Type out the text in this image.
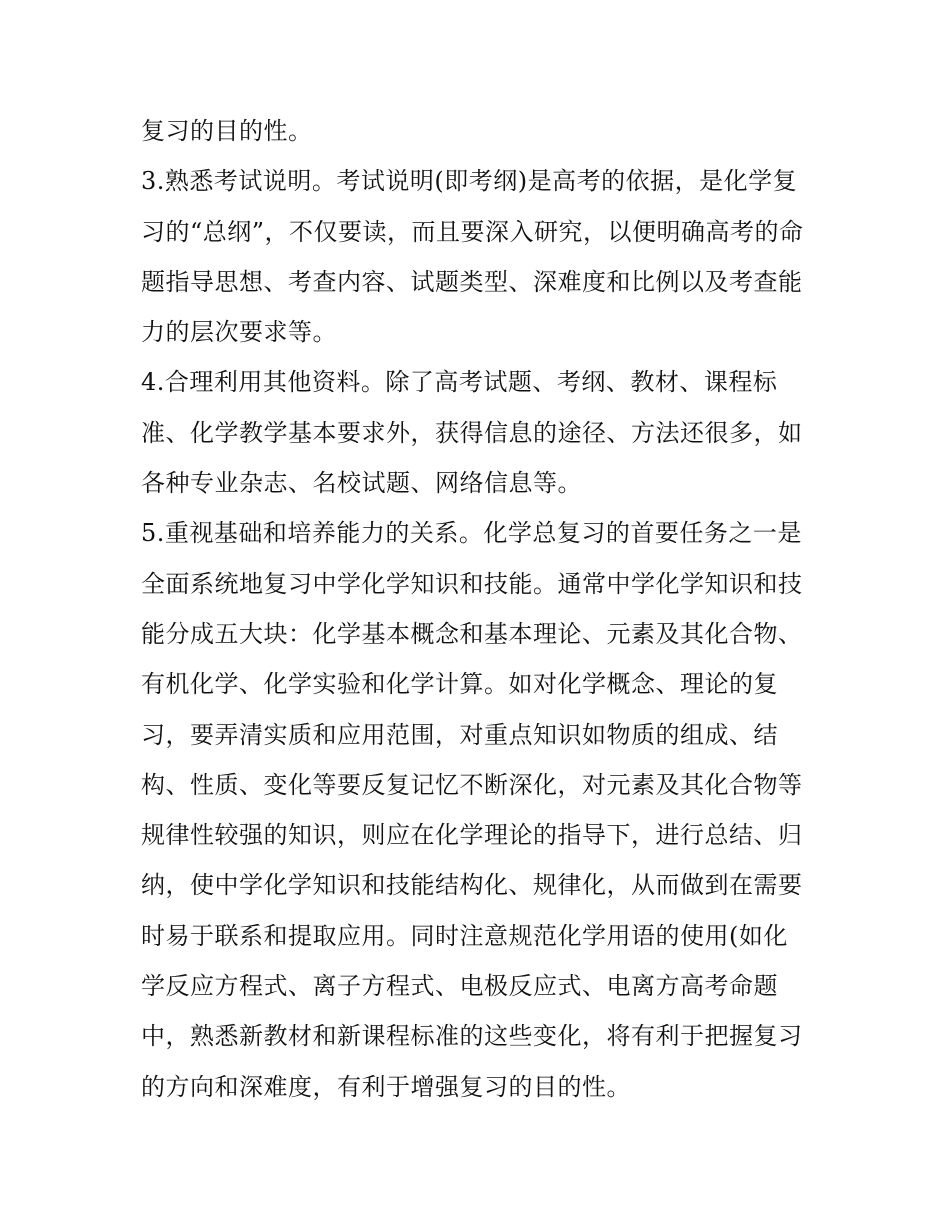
复习的目的性。
3.熟悉考试说明。考试说明(即考纲)是高考的依据，是化学复
习的“总纲”，不仅要读，而且要深入研究，以便明确高考的命
题指导思想、考查内容、试题类型、深难度和比例以及考查能
力的层次要求等。
4.合理利用其他资料。除了高考试题、考纲、教材、课程标
准、化学教学基本要求外，获得信息的途径、方法还很多，如
各种专业杂志、名校试题、网络信息等。
5.重视基础和培养能力的关系。化学总复习的首要任务之一是
全面系统地复习中学化学知识和技能。通常中学化学知识和技
能分成五大块：化学基本概念和基本理论、元素及其化合物、
有机化学、化学实验和化学计算。如对化学概念、理论的复
习，要弄清实质和应用范围，对重点知识如物质的组成、结
构、性质、变化等要反复记忆不断深化，对元素及其化合物等
规律性较强的知识，则应在化学理论的指导下，进行总结、归
纳，使中学化学知识和技能结构化、规律化，从而做到在需要
时易于联系和提取应用。同时注意规范化学用语的使用(如化
学反应方程式、离子方程式、电极反应式、电离方高考命题
中，熟悉新教材和新课程标准的这些变化，将有利于把握复习
的方向和深难度，有利于增强复习的目的性。
